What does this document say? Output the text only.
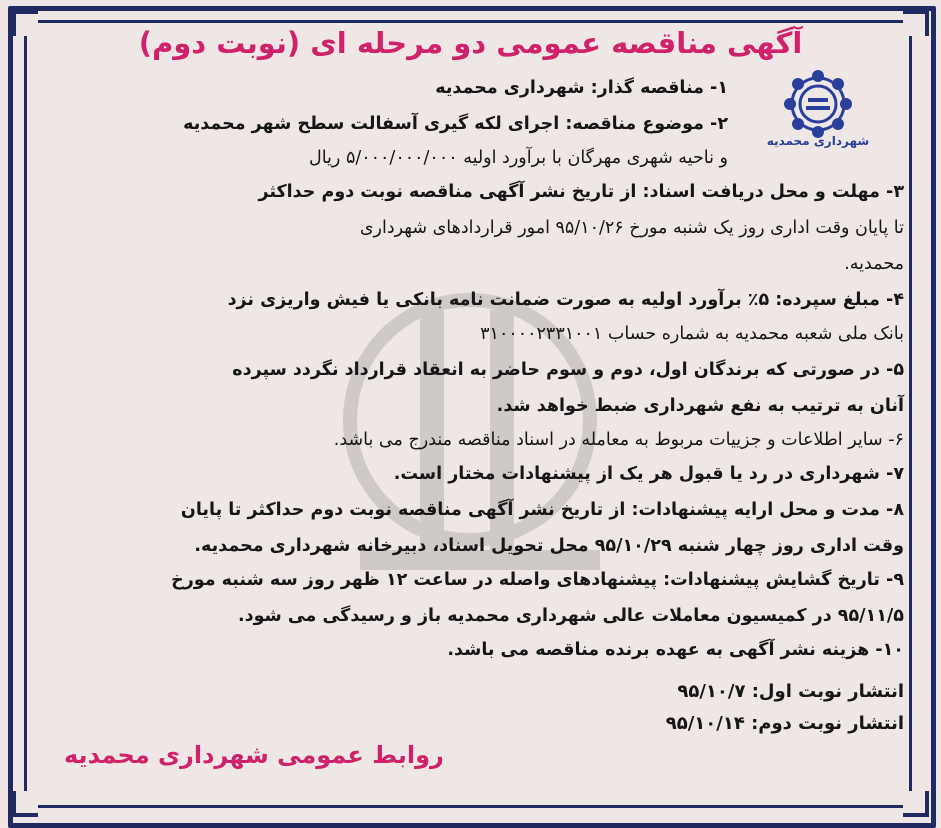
آگهی مناقصه عمومی دو مرحله ای (نوبت دوم)
شهرداری محمدیه
۱- مناقصه گذار: شهرداری محمدیه
۲- موضوع مناقصه: اجرای لکه گیری آسفالت سطح شهر محمدیه
و ناحیه شهری مهرگان با برآورد اولیه ۵/۰۰۰/۰۰۰/۰۰۰ ریال
۳- مهلت و محل دریافت اسناد: از تاریخ نشر آگهی مناقصه نوبت دوم حداکثر
تا پایان وقت اداری روز یک شنبه مورخ ۹۵/۱۰/۲۶ امور قراردادهای شهرداری
محمدیه.
۴- مبلغ سپرده: ۵٪ برآورد اولیه به صورت ضمانت نامه بانکی یا فیش واریزی نزد
بانک ملی شعبه محمدیه به شماره حساب ۳۱۰۰۰۰۲۳۳۱۰۰۱
۵- در صورتی که برندگان اول، دوم و سوم حاضر به انعقاد قرارداد نگردد سپرده
آنان به ترتیب به نفع شهرداری ضبط خواهد شد.
۶- سایر اطلاعات و جزییات مربوط به معامله در اسناد مناقصه مندرج می باشد.
۷- شهرداری در رد یا قبول هر یک از پیشنهادات مختار است.
۸- مدت و محل ارایه پیشنهادات: از تاریخ نشر آگهی مناقصه نوبت دوم حداکثر تا پایان
وقت اداری روز چهار شنبه ۹۵/۱۰/۲۹ محل تحویل اسناد، دبیرخانه شهرداری محمدیه.
۹- تاریخ گشایش پیشنهادات: پیشنهادهای واصله در ساعت ۱۲ ظهر روز سه شنبه مورخ
۹۵/۱۱/۵ در کمیسیون معاملات عالی شهرداری محمدیه باز و رسیدگی می شود.
۱۰- هزینه نشر آگهی به عهده برنده مناقصه می باشد.
انتشار نوبت اول: ۹۵/۱۰/۷
انتشار نوبت دوم: ۹۵/۱۰/۱۴
روابط عمومی شهرداری محمدیه
